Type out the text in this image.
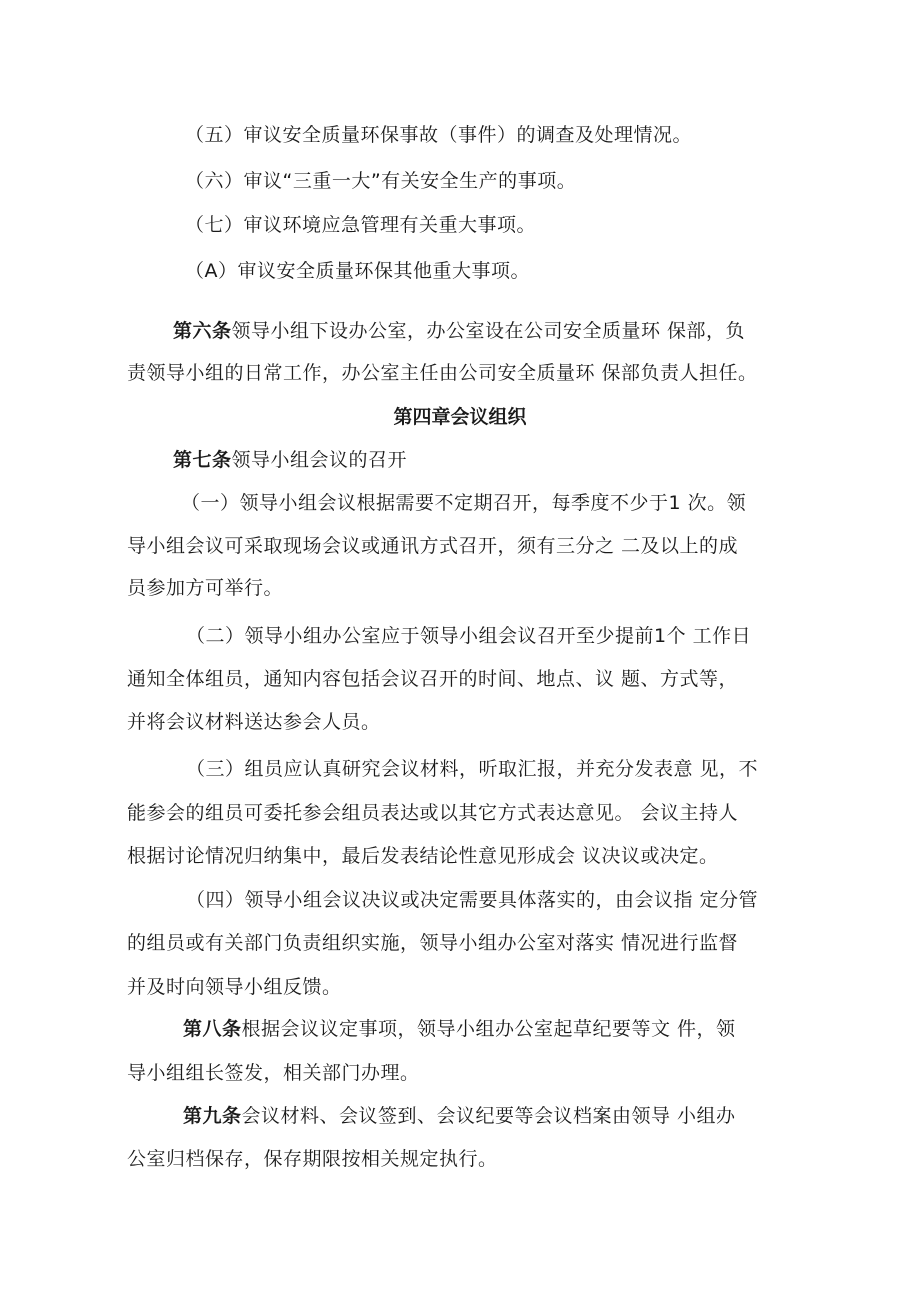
（五）审议安全质量环保事故（事件）的调查及处理情况。
（六）审议“三重一大”有关安全生产的事项。
（七）审议环境应急管理有关重大事项。
（A）审议安全质量环保其他重大事项。
第六条领导小组下设办公室，办公室设在公司安全质量环 保部，负
责领导小组的日常工作，办公室主任由公司安全质量环 保部负责人担任。
第四章会议组织
第七条领导小组会议的召开
（一）领导小组会议根据需要不定期召开，每季度不少于1 次。领
导小组会议可采取现场会议或通讯方式召开，须有三分之 二及以上的成
员参加方可举行。
（二）领导小组办公室应于领导小组会议召开至少提前1个 工作日
通知全体组员，通知内容包括会议召开的时间、地点、议 题、方式等，
并将会议材料送达参会人员。
（三）组员应认真研究会议材料，听取汇报，并充分发表意 见，不
能参会的组员可委托参会组员表达或以其它方式表达意见。 会议主持人
根据讨论情况归纳集中，最后发表结论性意见形成会 议决议或决定。
（四）领导小组会议决议或决定需要具体落实的，由会议指 定分管
的组员或有关部门负责组织实施，领导小组办公室对落实 情况进行监督
并及时向领导小组反馈。
第八条根据会议议定事项，领导小组办公室起草纪要等文 件，领
导小组组长签发，相关部门办理。
第九条会议材料、会议签到、会议纪要等会议档案由领导 小组办
公室归档保存，保存期限按相关规定执行。
